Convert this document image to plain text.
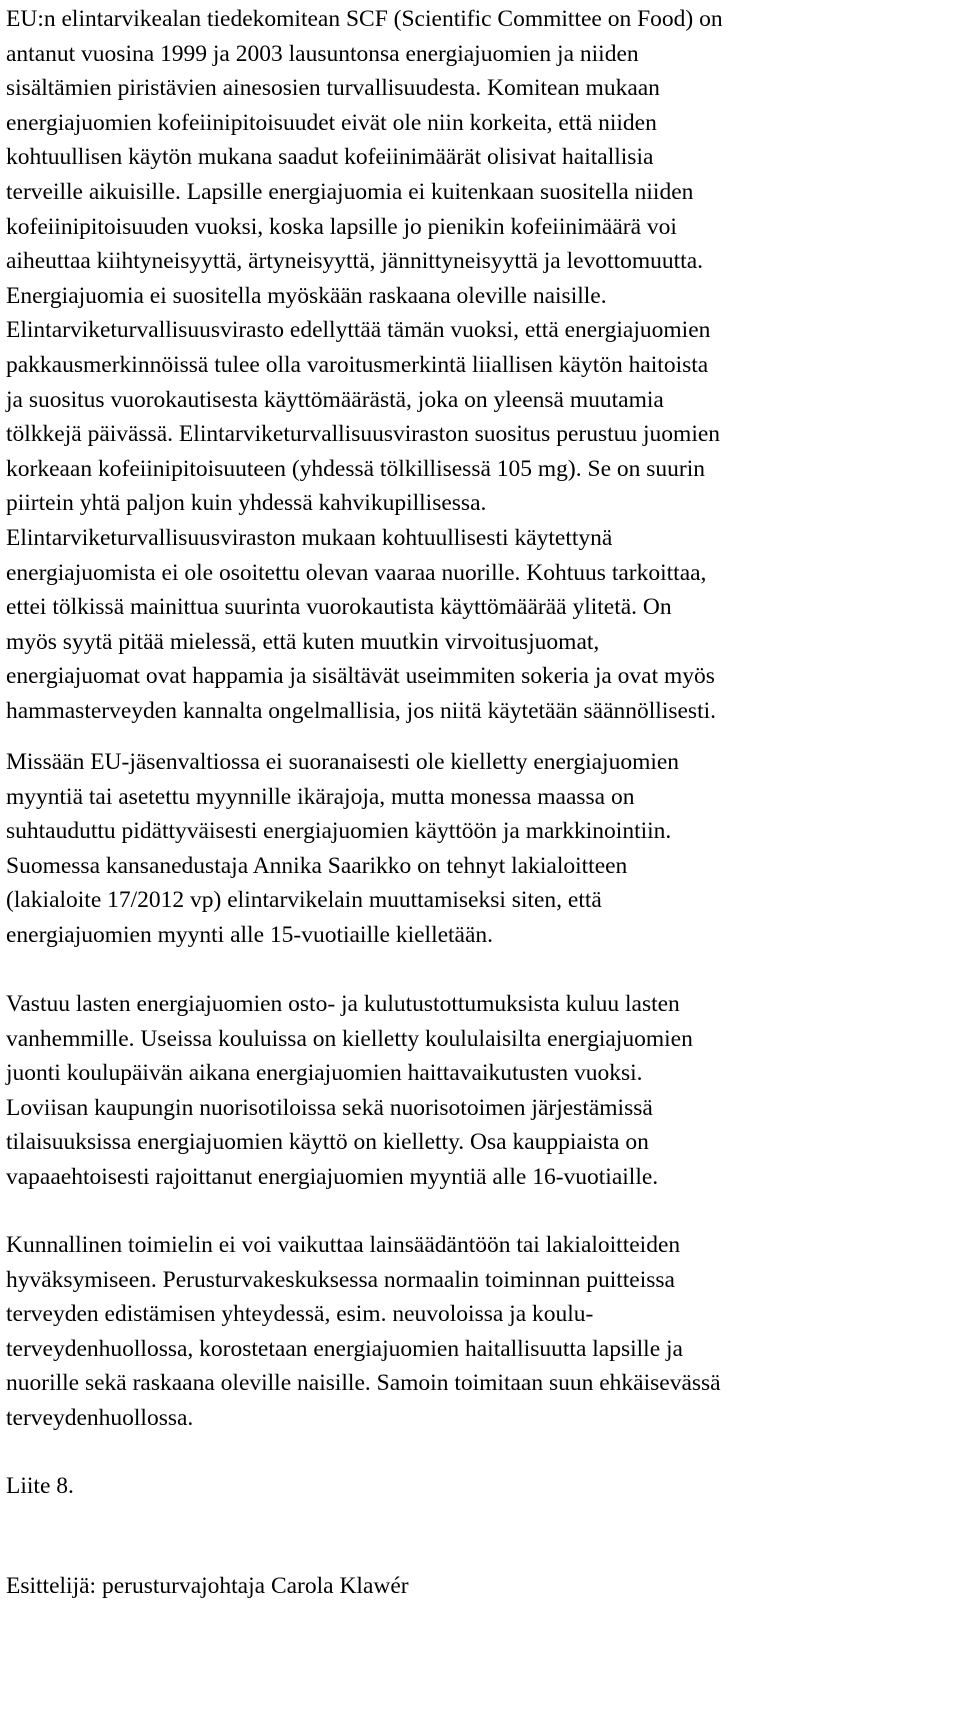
EU:n elintarvikealan tiedekomitean SCF (Scientific Committee on Food) on
antanut vuosina 1999 ja 2003 lausuntonsa energiajuomien ja niiden
sisältämien piristävien ainesosien turvallisuudesta. Komitean mukaan
energiajuomien kofeiinipitoisuudet eivät ole niin korkeita, että niiden
kohtuullisen käytön mukana saadut kofeiinimäärät olisivat haitallisia
terveille aikuisille. Lapsille energiajuomia ei kuitenkaan suositella niiden
kofeiinipitoisuuden vuoksi, koska lapsille jo pienikin kofeiinimäärä voi
aiheuttaa kiihtyneisyyttä, ärtyneisyyttä, jännittyneisyyttä ja levottomuutta.
Energiajuomia ei suositella myöskään raskaana oleville naisille.
Elintarviketurvallisuusvirasto edellyttää tämän vuoksi, että energiajuomien
pakkausmerkinnöissä tulee olla varoitusmerkintä liiallisen käytön haitoista
ja suositus vuorokautisesta käyttömäärästä, joka on yleensä muutamia
tölkkejä päivässä. Elintarviketurvallisuusviraston suositus perustuu juomien
korkeaan kofeiinipitoisuuteen (yhdessä tölkillisessä 105 mg). Se on suurin
piirtein yhtä paljon kuin yhdessä kahvikupillisessa.
Elintarviketurvallisuusviraston mukaan kohtuullisesti käytettynä
energiajuomista ei ole osoitettu olevan vaaraa nuorille. Kohtuus tarkoittaa,
ettei tölkissä mainittua suurinta vuorokautista käyttömäärää ylitetä. On
myös syytä pitää mielessä, että kuten muutkin virvoitusjuomat,
energiajuomat ovat happamia ja sisältävät useimmiten sokeria ja ovat myös
hammasterveyden kannalta ongelmallisia, jos niitä käytetään säännöllisesti.

Missään EU-jäsenvaltiossa ei suoranaisesti ole kielletty energiajuomien
myyntiä tai asetettu myynnille ikärajoja, mutta monessa maassa on
suhtauduttu pidättyväisesti energiajuomien käyttöön ja markkinointiin.
Suomessa kansanedustaja Annika Saarikko on tehnyt lakialoitteen
(lakialoite 17/2012 vp) elintarvikelain muuttamiseksi siten, että
energiajuomien myynti alle 15-vuotiaille kielletään.

Vastuu lasten energiajuomien osto- ja kulutustottumuksista kuluu lasten
vanhemmille. Useissa kouluissa on kielletty koululaisilta energiajuomien
juonti koulupäivän aikana energiajuomien haittavaikutusten vuoksi.
Loviisan kaupungin nuorisotiloissa sekä nuorisotoimen järjestämissä
tilaisuuksissa energiajuomien käyttö on kielletty. Osa kauppiaista on
vapaaehtoisesti rajoittanut energiajuomien myyntiä alle 16-vuotiaille.

Kunnallinen toimielin ei voi vaikuttaa lainsäädäntöön tai lakialoitteiden
hyväksymiseen. Perusturvakeskuksessa normaalin toiminnan puitteissa
terveyden edistämisen yhteydessä, esim. neuvoloissa ja koulu-
terveydenhuollossa, korostetaan energiajuomien haitallisuutta lapsille ja
nuorille sekä raskaana oleville naisille. Samoin toimitaan suun ehkäisevässä
terveydenhuollossa.

Liite 8.

Esittelijä: perusturvajohtaja Carola Klawér
